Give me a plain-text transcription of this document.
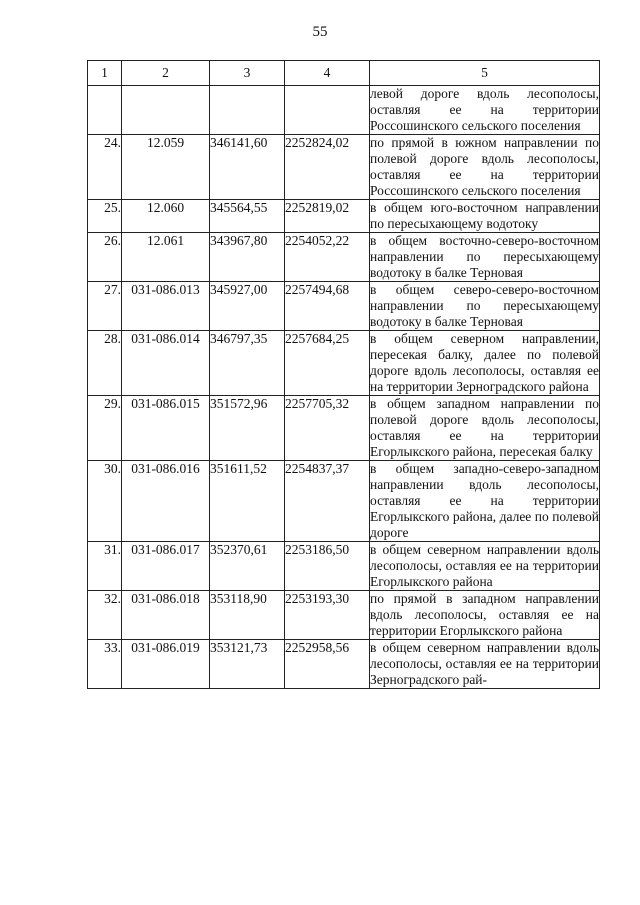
55
1	2	3	4	5
				левой дороге вдоль лесополосы, оставляя ее на территории Россошинского сельского поселения
24.	12.059	346141,60	2252824,02	по прямой в южном направлении по полевой дороге вдоль лесополосы, оставляя ее на территории Россошинского сельского поселения
25.	12.060	345564,55	2252819,02	в общем юго-восточном направлении по пересыхающему водотоку
26.	12.061	343967,80	2254052,22	в общем восточно-северо-восточном направлении по пересыхающему водотоку в балке Терновая
27.	031-086.013	345927,00	2257494,68	в общем северо-северо-восточном направлении по пересыхающему водотоку в балке Терновая
28.	031-086.014	346797,35	2257684,25	в общем северном направлении, пересекая балку, далее по полевой дороге вдоль лесополосы, оставляя ее на территории Зерноградского района
29.	031-086.015	351572,96	2257705,32	в общем западном направлении по полевой дороге вдоль лесополосы, оставляя ее на территории Егорлыкского района, пересекая балку
30.	031-086.016	351611,52	2254837,37	в общем западно-северо-западном направлении вдоль лесополосы, оставляя ее на территории Егорлыкского района, далее по полевой дороге
31.	031-086.017	352370,61	2253186,50	в общем северном направлении вдоль лесополосы, оставляя ее на территории Егорлыкского района
32.	031-086.018	353118,90	2253193,30	по прямой в западном направлении вдоль лесополосы, оставляя ее на территории Егорлыкского района
33.	031-086.019	353121,73	2252958,56	в общем северном направлении вдоль лесополосы, оставляя ее на территории Зерноградского рай-
